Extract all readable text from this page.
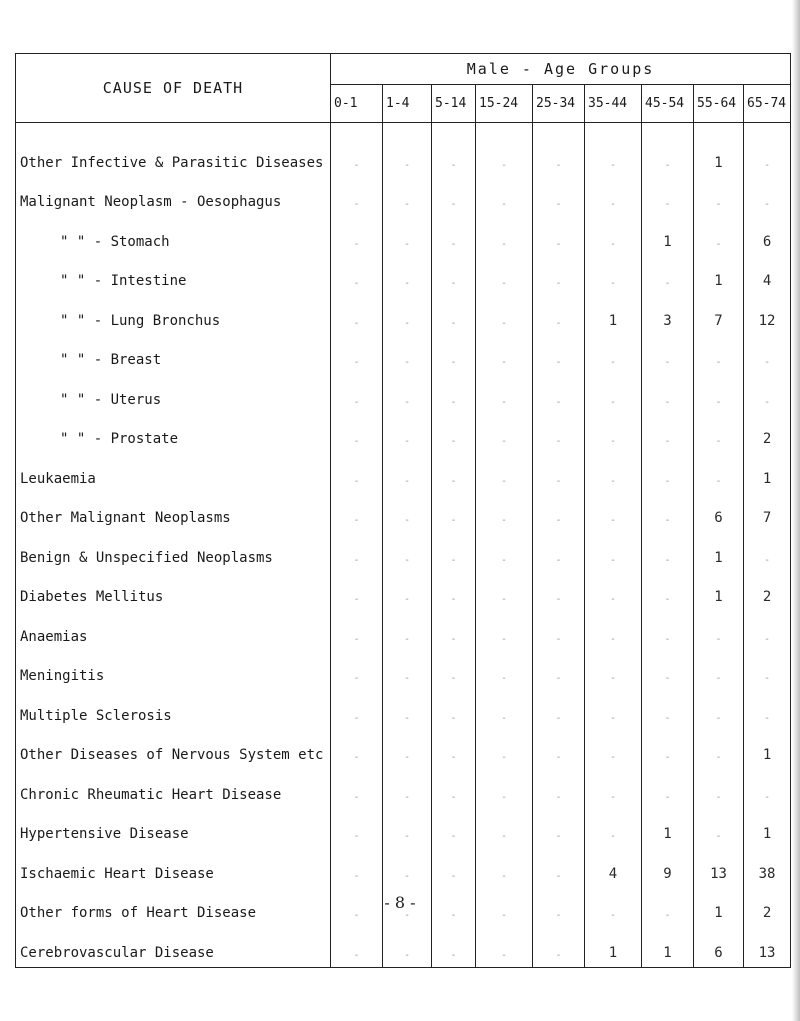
CAUSE OF DEATH	Male - Age Groups								
	0-1	1-4	5-14	15-24	25-34	35-44	45-54	55-64	65-74
Other Infective & Parasitic Diseases	-	-	-	-	-	-	-	1	-
Malignant Neoplasm - Oesophagus	-	-	-	-	-	-	-	-	-
" " - Stomach	-	-	-	-	-	-	1	-	6
" " - Intestine	-	-	-	-	-	-	-	1	4
" " - Lung Bronchus	-	-	-	-	-	1	3	7	12
" " - Breast	-	-	-	-	-	-	-	-	-
" " - Uterus	-	-	-	-	-	-	-	-	-
" " - Prostate	-	-	-	-	-	-	-	-	2
Leukaemia	-	-	-	-	-	-	-	-	1
Other Malignant Neoplasms	-	-	-	-	-	-	-	6	7
Benign & Unspecified Neoplasms	-	-	-	-	-	-	-	1	-
Diabetes Mellitus	-	-	-	-	-	-	-	1	2
Anaemias	-	-	-	-	-	-	-	-	-
Meningitis	-	-	-	-	-	-	-	-	-
Multiple Sclerosis	-	-	-	-	-	-	-	-	-
Other Diseases of Nervous System etc	-	-	-	-	-	-	-	-	1
Chronic Rheumatic Heart Disease	-	-	-	-	-	-	-	-	-
Hypertensive Disease	-	-	-	-	-	-	1	-	1
Ischaemic Heart Disease	-	-	-	-	-	4	9	13	38
Other forms of Heart Disease	-	-	-	-	-	-	-	1	2
Cerebrovascular Disease	-	-	-	-	-	1	1	6	13
- 8 -
